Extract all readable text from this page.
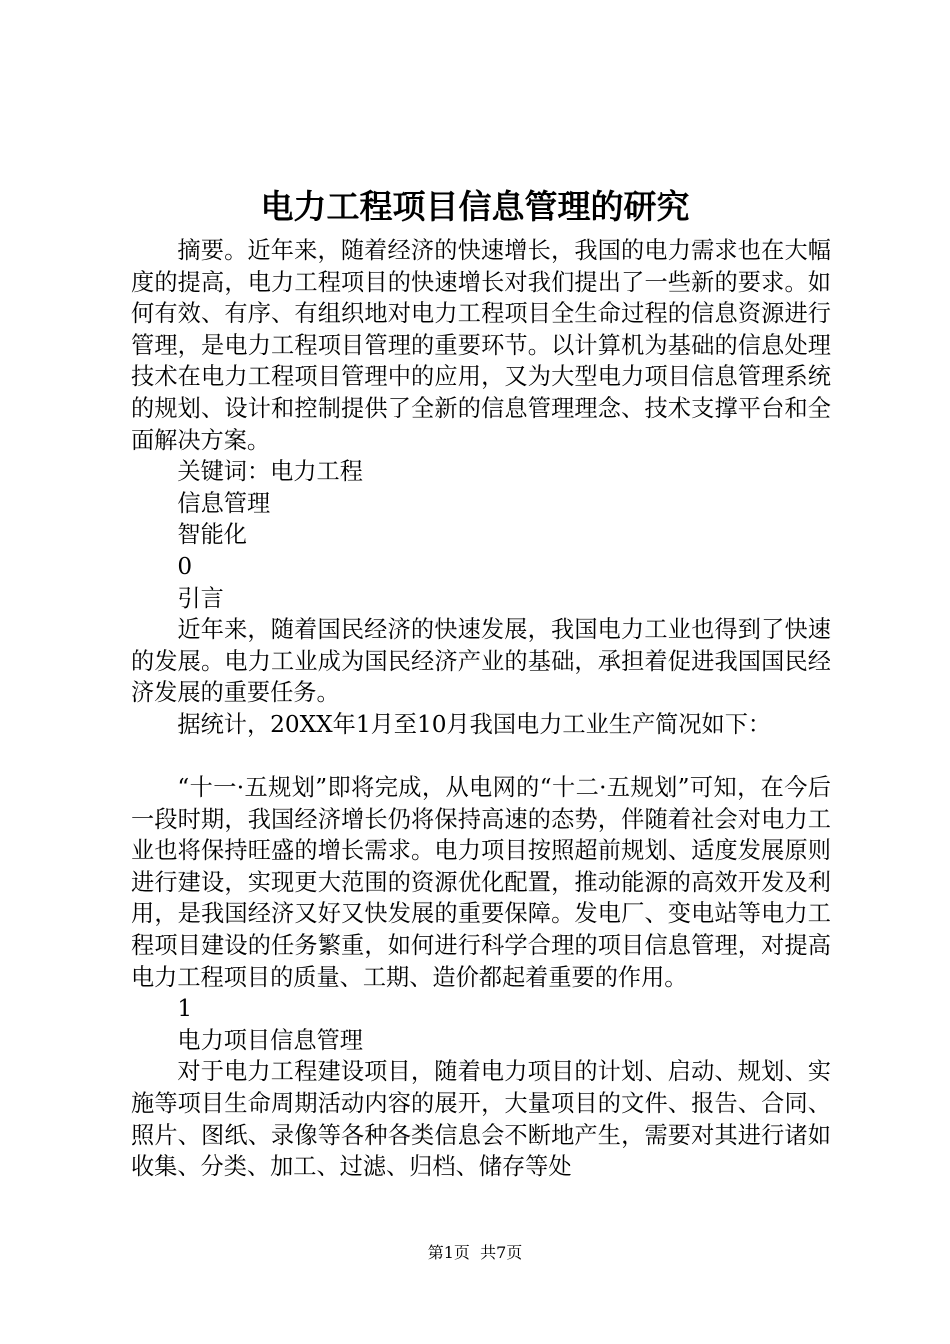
电力工程项目信息管理的研究

摘要。近年来，随着经济的快速增长，我国的电力需求也在大幅度的提高，电力工程项目的快速增长对我们提出了一些新的要求。如何有效、有序、有组织地对电力工程项目全生命过程的信息资源进行管理，是电力工程项目管理的重要环节。以计算机为基础的信息处理技术在电力工程项目管理中的应用，又为大型电力项目信息管理系统的规划、设计和控制提供了全新的信息管理理念、技术支撑平台和全面解决方案。

关键词：电力工程

信息管理

智能化

0

引言

近年来，随着国民经济的快速发展，我国电力工业也得到了快速的发展。电力工业成为国民经济产业的基础，承担着促进我国国民经济发展的重要任务。

据统计，20XX年1月至10月我国电力工业生产简况如下：

“十一·五规划”即将完成，从电网的“十二·五规划”可知，在今后一段时期，我国经济增长仍将保持高速的态势，伴随着社会对电力工业也将保持旺盛的增长需求。电力项目按照超前规划、适度发展原则进行建设，实现更大范围的资源优化配置，推动能源的高效开发及利用，是我国经济又好又快发展的重要保障。发电厂、变电站等电力工程项目建设的任务繁重，如何进行科学合理的项目信息管理，对提高电力工程项目的质量、工期、造价都起着重要的作用。

1

电力项目信息管理

对于电力工程建设项目，随着电力项目的计划、启动、规划、实施等项目生命周期活动内容的展开，大量项目的文件、报告、合同、照片、图纸、录像等各种各类信息会不断地产生，需要对其进行诸如收集、分类、加工、过滤、归档、储存等处

第1页  共7页
